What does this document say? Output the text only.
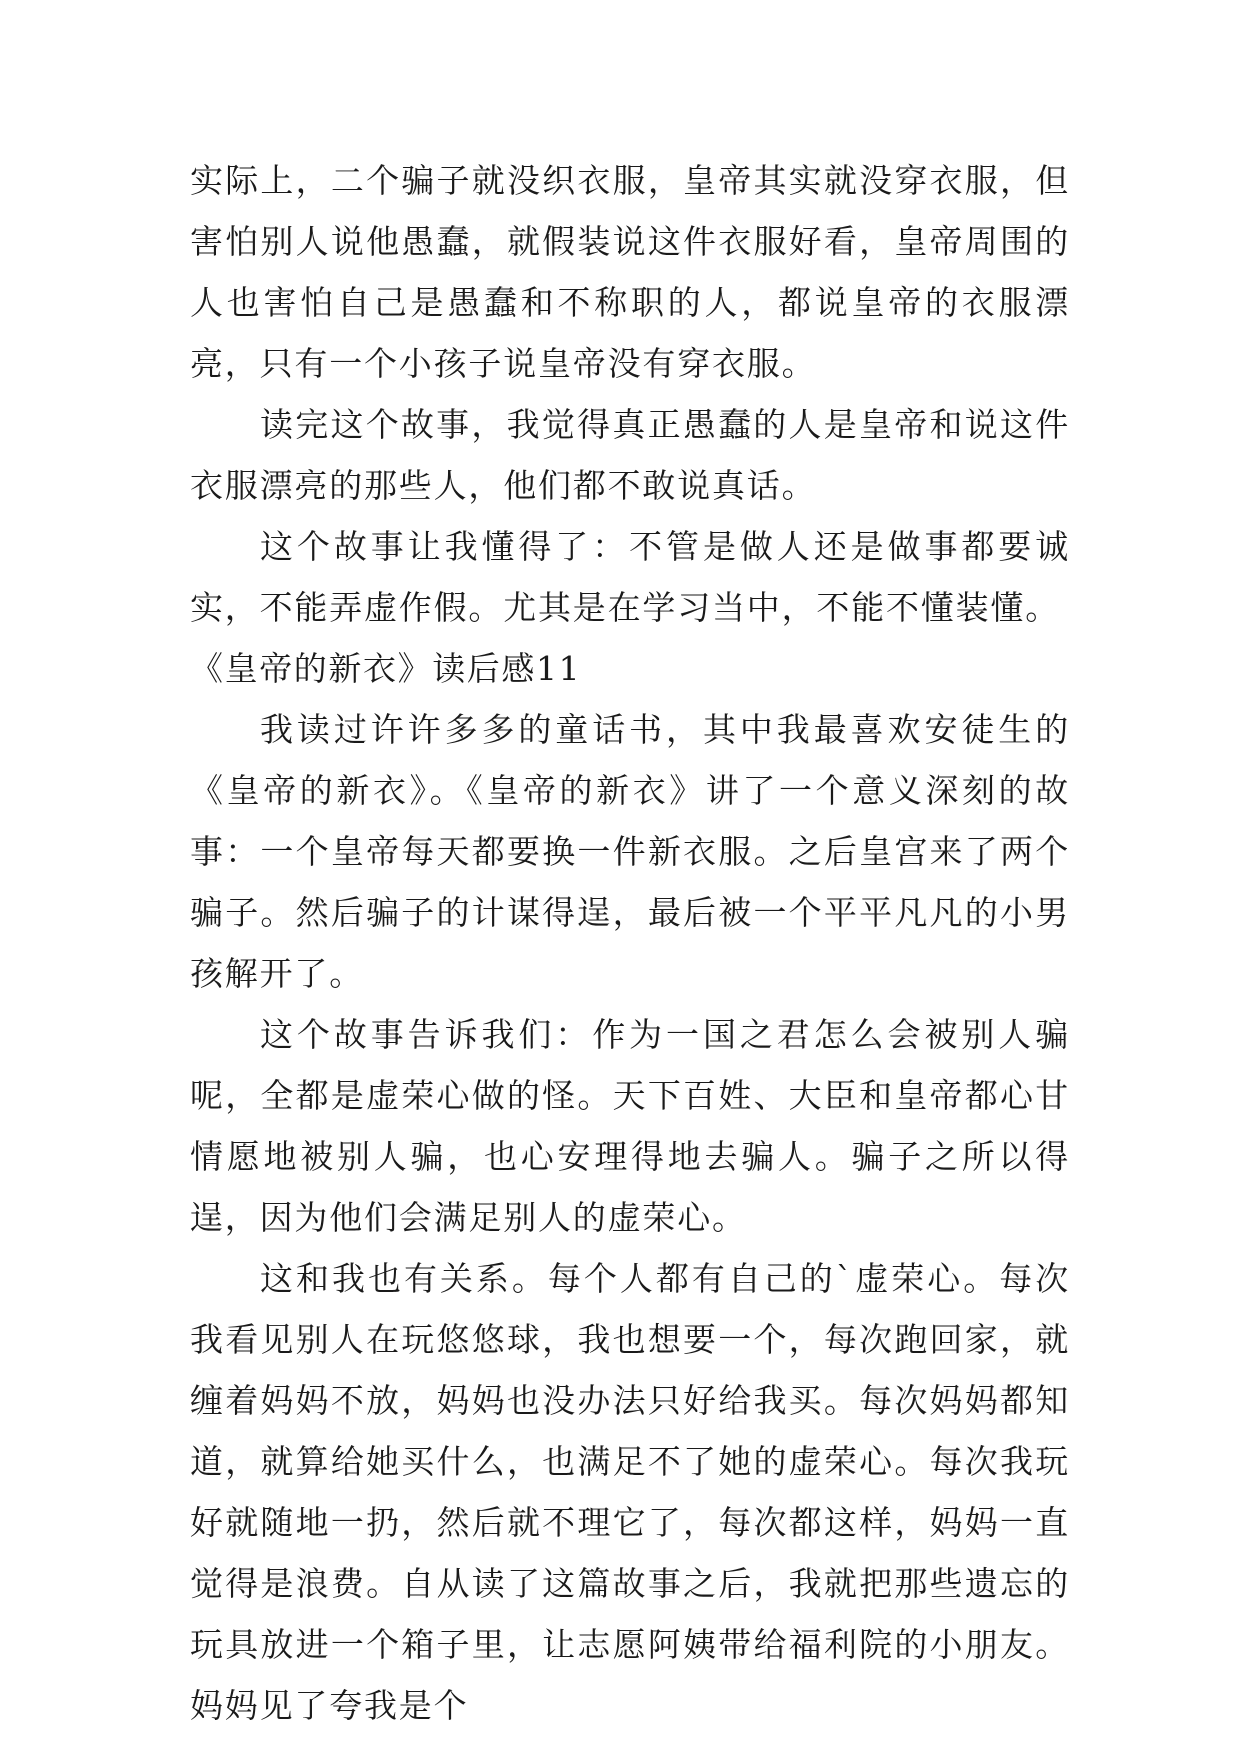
实际上，二个骗子就没织衣服，皇帝其实就没穿衣服，但害怕别人说他愚蠢，就假装说这件衣服好看，皇帝周围的人也害怕自己是愚蠢和不称职的人，都说皇帝的衣服漂亮，只有一个小孩子说皇帝没有穿衣服。

读完这个故事，我觉得真正愚蠢的人是皇帝和说这件衣服漂亮的那些人，他们都不敢说真话。

这个故事让我懂得了：不管是做人还是做事都要诚实，不能弄虚作假。尤其是在学习当中，不能不懂装懂。

《皇帝的新衣》读后感11

我读过许许多多的童话书，其中我最喜欢安徒生的《皇帝的新衣》。《皇帝的新衣》讲了一个意义深刻的故事：一个皇帝每天都要换一件新衣服。之后皇宫来了两个骗子。然后骗子的计谋得逞，最后被一个平平凡凡的小男孩解开了。

这个故事告诉我们：作为一国之君怎么会被别人骗呢，全都是虚荣心做的怪。天下百姓、大臣和皇帝都心甘情愿地被别人骗，也心安理得地去骗人。骗子之所以得逞，因为他们会满足别人的虚荣心。

这和我也有关系。每个人都有自己的`虚荣心。每次我看见别人在玩悠悠球，我也想要一个，每次跑回家，就缠着妈妈不放，妈妈也没办法只好给我买。每次妈妈都知道，就算给她买什么，也满足不了她的虚荣心。每次我玩好就随地一扔，然后就不理它了，每次都这样，妈妈一直觉得是浪费。自从读了这篇故事之后，我就把那些遗忘的玩具放进一个箱子里，让志愿阿姨带给福利院的小朋友。妈妈见了夸我是个
